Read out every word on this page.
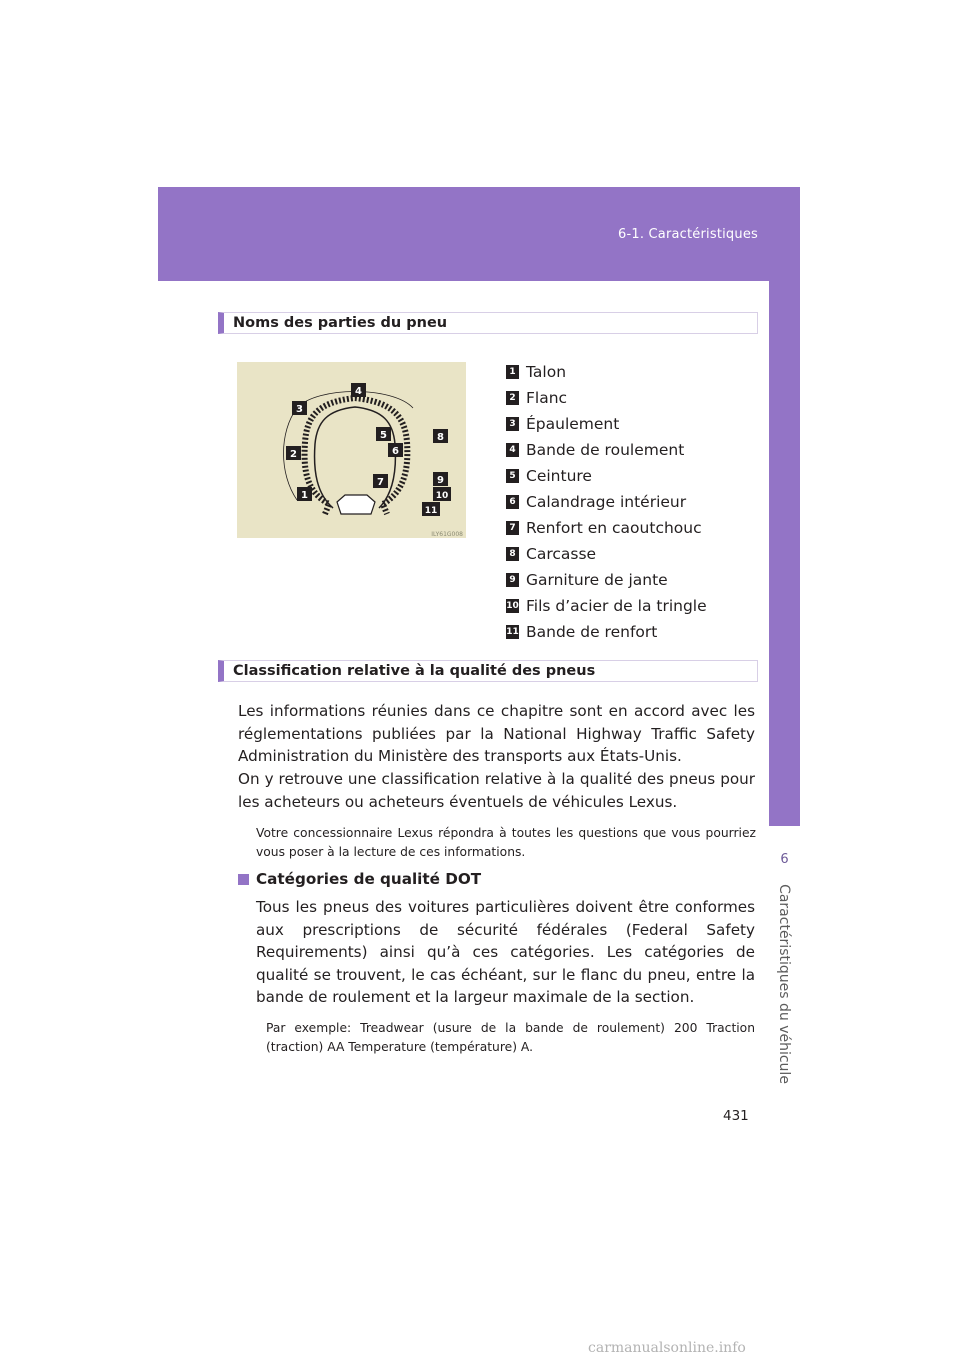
6-1. Caractéristiques
6
Caractéristiques du véhicule
Noms des parties du pneu
4
3
5	8
6
2
9
7
10
1
11
ILY61G008
1 Talon
2 Flanc
3 Épaulement
4 Bande de roulement
5 Ceinture
6 Calandrage intérieur
7 Renfort en caoutchouc
8 Carcasse
9 Garniture de jante
10 Fils d’acier de la tringle
11 Bande de renfort
Classification relative à la qualité des pneus
Les informations réunies dans ce chapitre sont en accord avec les réglementations publiées par la National Highway Traffic Safety Administration du Ministère des transports aux États-Unis.
On y retrouve une classification relative à la qualité des pneus pour les acheteurs ou acheteurs éventuels de véhicules Lexus.
Votre concessionnaire Lexus répondra à toutes les questions que vous pourriez vous poser à la lecture de ces informations.
Catégories de qualité DOT
Tous les pneus des voitures particulières doivent être conformes aux prescriptions de sécurité fédérales (Federal Safety Requirements) ainsi qu’à ces catégories. Les catégories de qualité se trouvent, le cas échéant, sur le flanc du pneu, entre la bande de roulement et la largeur maximale de la section.
Par exemple: Treadwear (usure de la bande de roulement) 200 Traction (traction) AA Temperature (température) A.
431
carmanualsonline.info
